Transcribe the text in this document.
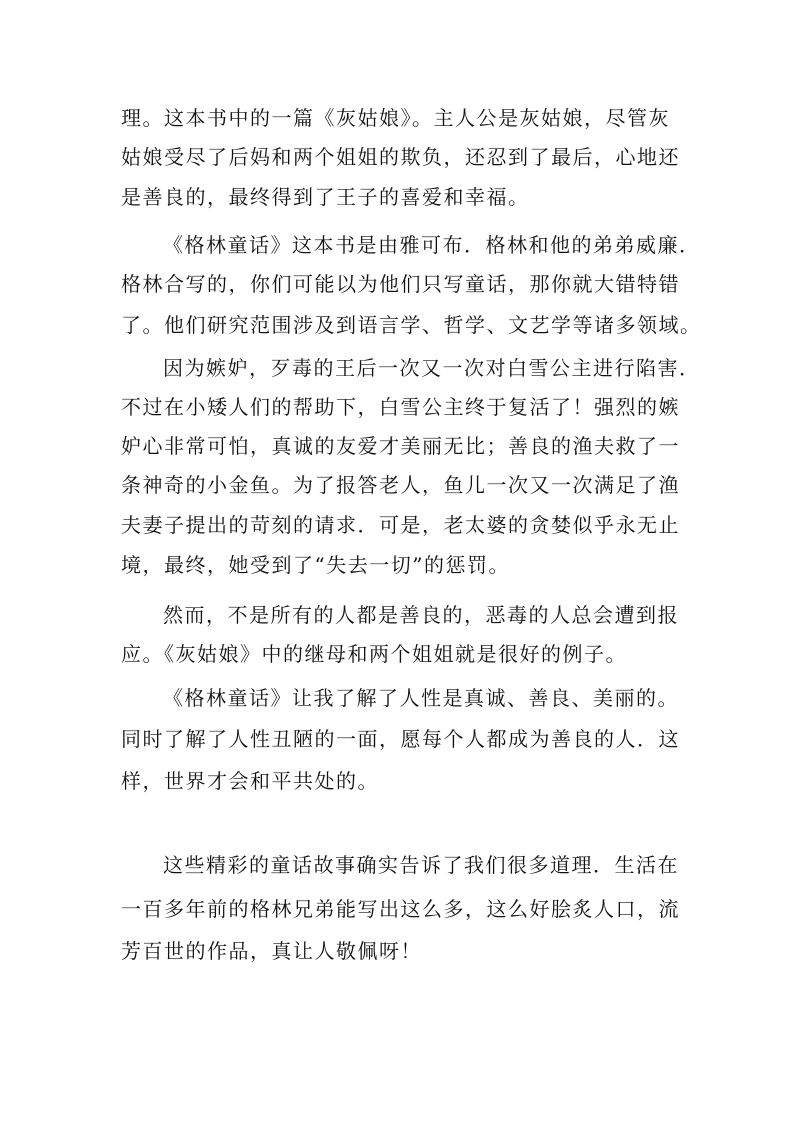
理。这本书中的一篇《灰姑娘》。主人公是灰姑娘，尽管灰
姑娘受尽了后妈和两个姐姐的欺负，还忍到了最后，心地还
是善良的，最终得到了王子的喜爱和幸福。
《格林童话》这本书是由雅可布．格林和他的弟弟威廉．
格林合写的，你们可能以为他们只写童话，那你就大错特错
了。他们研究范围涉及到语言学、哲学、文艺学等诸多领域。
因为嫉妒，歹毒的王后一次又一次对白雪公主进行陷害．
不过在小矮人们的帮助下，白雪公主终于复活了！强烈的嫉
妒心非常可怕，真诚的友爱才美丽无比；善良的渔夫救了一
条神奇的小金鱼。为了报答老人，鱼儿一次又一次满足了渔
夫妻子提出的苛刻的请求．可是，老太婆的贪婪似乎永无止
境，最终，她受到了“失去一切”的惩罚。
然而，不是所有的人都是善良的，恶毒的人总会遭到报
应。《灰姑娘》中的继母和两个姐姐就是很好的例子。
《格林童话》让我了解了人性是真诚、善良、美丽的。
同时了解了人性丑陋的一面，愿每个人都成为善良的人．这
样，世界才会和平共处的。
这些精彩的童话故事确实告诉了我们很多道理．生活在
一百多年前的格林兄弟能写出这么多，这么好脍炙人口，流
芳百世的作品，真让人敬佩呀！
